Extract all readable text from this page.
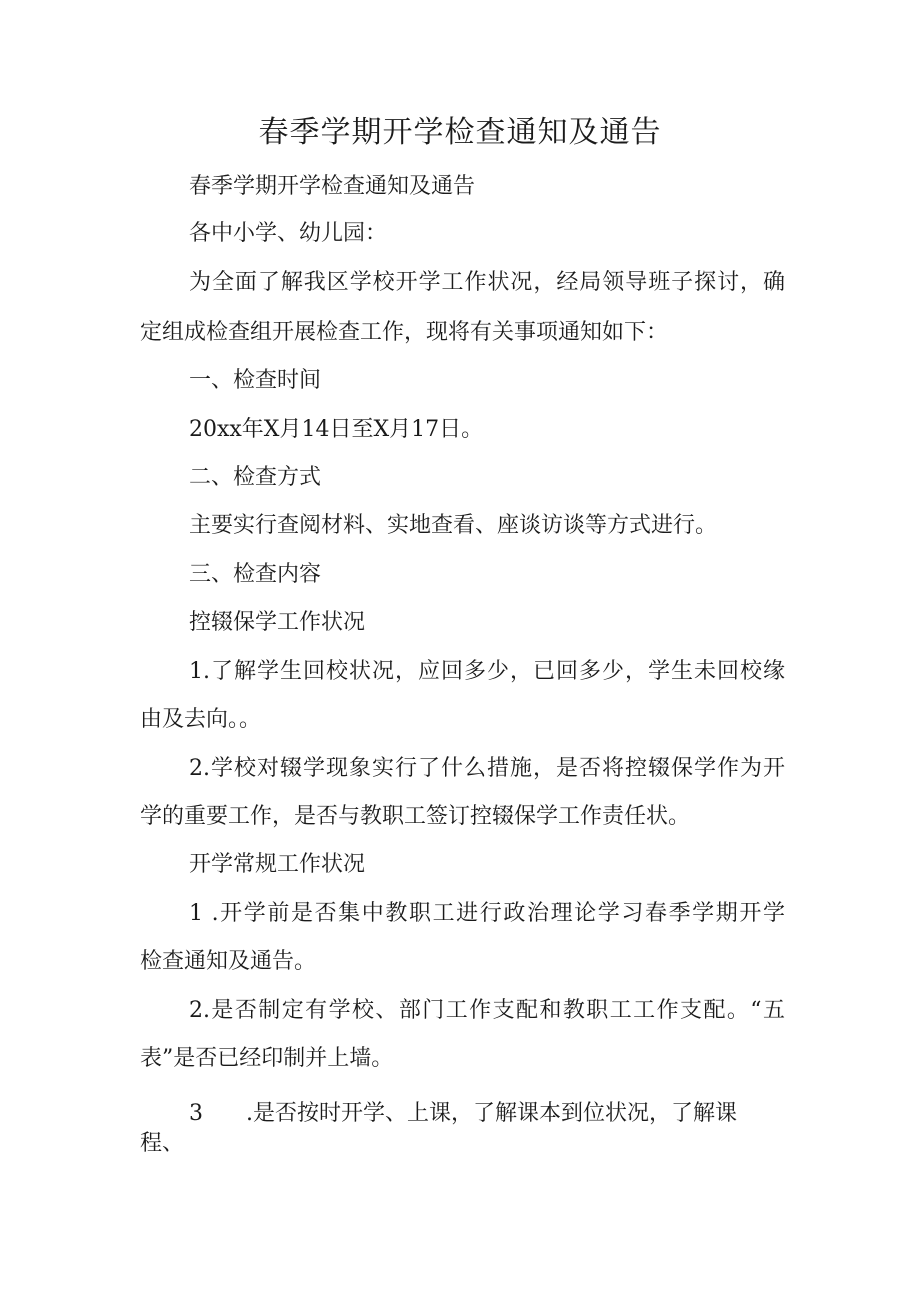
春季学期开学检查通知及通告
春季学期开学检查通知及通告
各中小学、幼儿园：
为全面了解我区学校开学工作状况，经局领导班子探讨，确
定组成检查组开展检查工作，现将有关事项通知如下：
一、检查时间
20xx年X月14日至X月17日。
二、检查方式
主要实行查阅材料、实地查看、座谈访谈等方式进行。
三、检查内容
控辍保学工作状况
1.了解学生回校状况，应回多少，已回多少，学生未回校缘
由及去向。。
2.学校对辍学现象实行了什么措施，是否将控辍保学作为开
学的重要工作，是否与教职工签订控辍保学工作责任状。
开学常规工作状况
1 .开学前是否集中教职工进行政治理论学习春季学期开学
检查通知及通告。
2.是否制定有学校、部门工作支配和教职工工作支配。“五
表”是否已经印制并上墙。
3 .是否按时开学、上课，了解课本到位状况，了解课
程、
